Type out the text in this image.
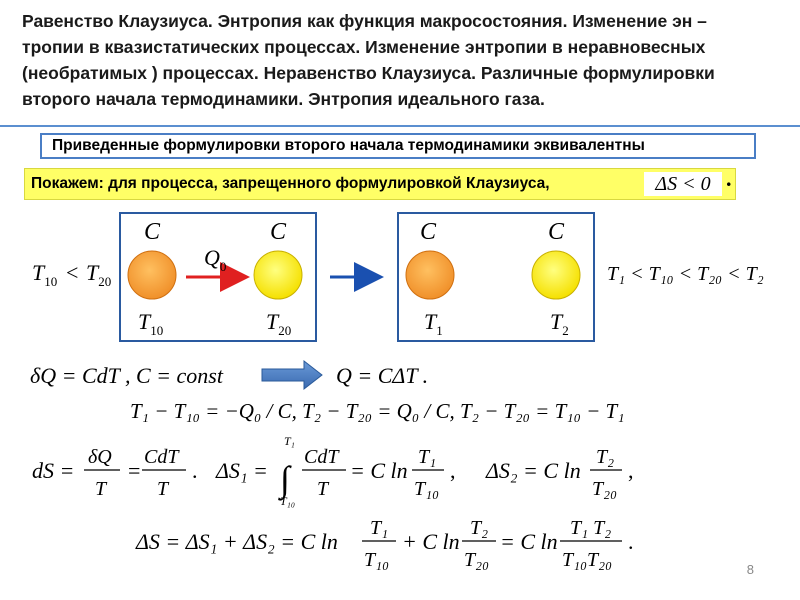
Равенство Клаузиуса. Энтропия как функция макросостояния. Изменение эн –
тропии в квазистатических процессах. Изменение энтропии в неравновесных
(необратимых ) процессах. Неравенство Клаузиуса. Различные формулировки
второго начала термодинамики. Энтропия идеального газа.
Приведенные формулировки второго начала термодинамики эквивалентны
Покажем: для процесса, запрещенного формулировкой Клаузиуса,	ΔS < 0 .
$T_{10} < T_{20}$
C	C
$Q_0$
$T_{10}$	$T_{20}$
C	C
$T_1$	$T_2$
T₁ < T₁₀ < T₂₀ < T₂
δQ = CdT , C = const	Q = CΔT .
T₁ − T₁₀ = −Q₀ / C, T₂ − T₂₀ = Q₀ / C, T₂ − T₂₀ = T₁₀ − T₁
dS =
δQ
T
=
CdT
T
. ΔS₁ = ∫
T₁
T₁₀
CdT
T
= C ln
T₁
T₁₀
, ΔS₂ = C ln
T₂
T₂₀
,
ΔS = ΔS₁ + ΔS₂ = C ln
T₁
T₁₀
+ C ln
T₂
T₂₀
= C ln
T₁ T₂
T₁₀T₂₀
.
8
